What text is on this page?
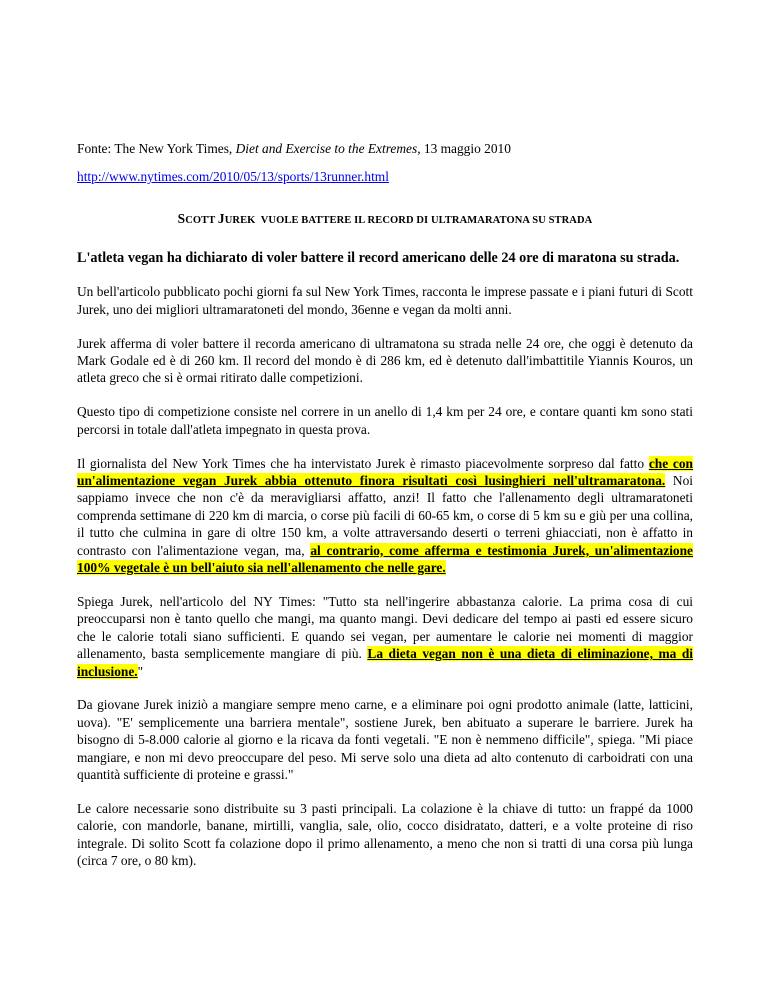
Fonte: The New York Times, Diet and Exercise to the Extremes, 13 maggio 2010

http://www.nytimes.com/2010/05/13/sports/13runner.html

SCOTT JUREK  VUOLE BATTERE IL RECORD DI ULTRAMARATONA SU STRADA

L'atleta vegan ha dichiarato di voler battere il record americano delle 24 ore di maratona su strada.

Un bell'articolo pubblicato pochi giorni fa sul New York Times, racconta le imprese passate e i piani futuri di Scott Jurek, uno dei migliori ultramaratoneti del mondo, 36enne e vegan da molti anni.

Jurek afferma di voler battere il recorda americano di ultramatona su strada nelle 24 ore, che oggi è detenuto da Mark Godale ed è di 260 km. Il record del mondo è di 286 km, ed è detenuto dall'imbattitile Yiannis Kouros, un atleta greco che si è ormai ritirato dalle competizioni.

Questo tipo di competizione consiste nel correre in un anello di 1,4 km per 24 ore, e contare quanti km sono stati percorsi in totale dall'atleta impegnato in questa prova.

Il giornalista del New York Times che ha intervistato Jurek è rimasto piacevolmente sorpreso dal fatto che con un'alimentazione vegan Jurek abbia ottenuto finora risultati così lusinghieri nell'ultramaratona. Noi sappiamo invece che non c'è da meravigliarsi affatto, anzi! Il fatto che l'allenamento degli ultramaratoneti comprenda settimane di 220 km di marcia, o corse più facili di 60-65 km, o corse di 5 km su e giù per una collina, il tutto che culmina in gare di oltre 150 km, a volte attraversando deserti o terreni ghiacciati, non è affatto in contrasto con l'alimentazione vegan, ma, al contrario, come afferma e testimonia Jurek, un'alimentazione 100% vegetale è un bell'aiuto sia nell'allenamento che nelle gare.

Spiega Jurek, nell'articolo del NY Times: "Tutto sta nell'ingerire abbastanza calorie. La prima cosa di cui preoccuparsi non è tanto quello che mangi, ma quanto mangi. Devi dedicare del tempo ai pasti ed essere sicuro che le calorie totali siano sufficienti. E quando sei vegan, per aumentare le calorie nei momenti di maggior allenamento, basta semplicemente mangiare di più. La dieta vegan non è una dieta di eliminazione, ma di inclusione."

Da giovane Jurek iniziò a mangiare sempre meno carne, e a eliminare poi ogni prodotto animale (latte, latticini, uova). "E' semplicemente una barriera mentale", sostiene Jurek, ben abituato a superare le barriere. Jurek ha bisogno di 5-8.000 calorie al giorno e la ricava da fonti vegetali. "E non è nemmeno difficile", spiega. "Mi piace mangiare, e non mi devo preoccupare del peso. Mi serve solo una dieta ad alto contenuto di carboidrati con una quantità sufficiente di proteine e grassi."

Le calore necessarie sono distribuite su 3 pasti principali. La colazione è la chiave di tutto: un frappé da 1000 calorie, con mandorle, banane, mirtilli, vanglia, sale, olio, cocco disidratato, datteri, e a volte proteine di riso integrale. Di solito Scott fa colazione dopo il primo allenamento, a meno che non si tratti di una corsa più lunga (circa 7 ore, o 80 km).
